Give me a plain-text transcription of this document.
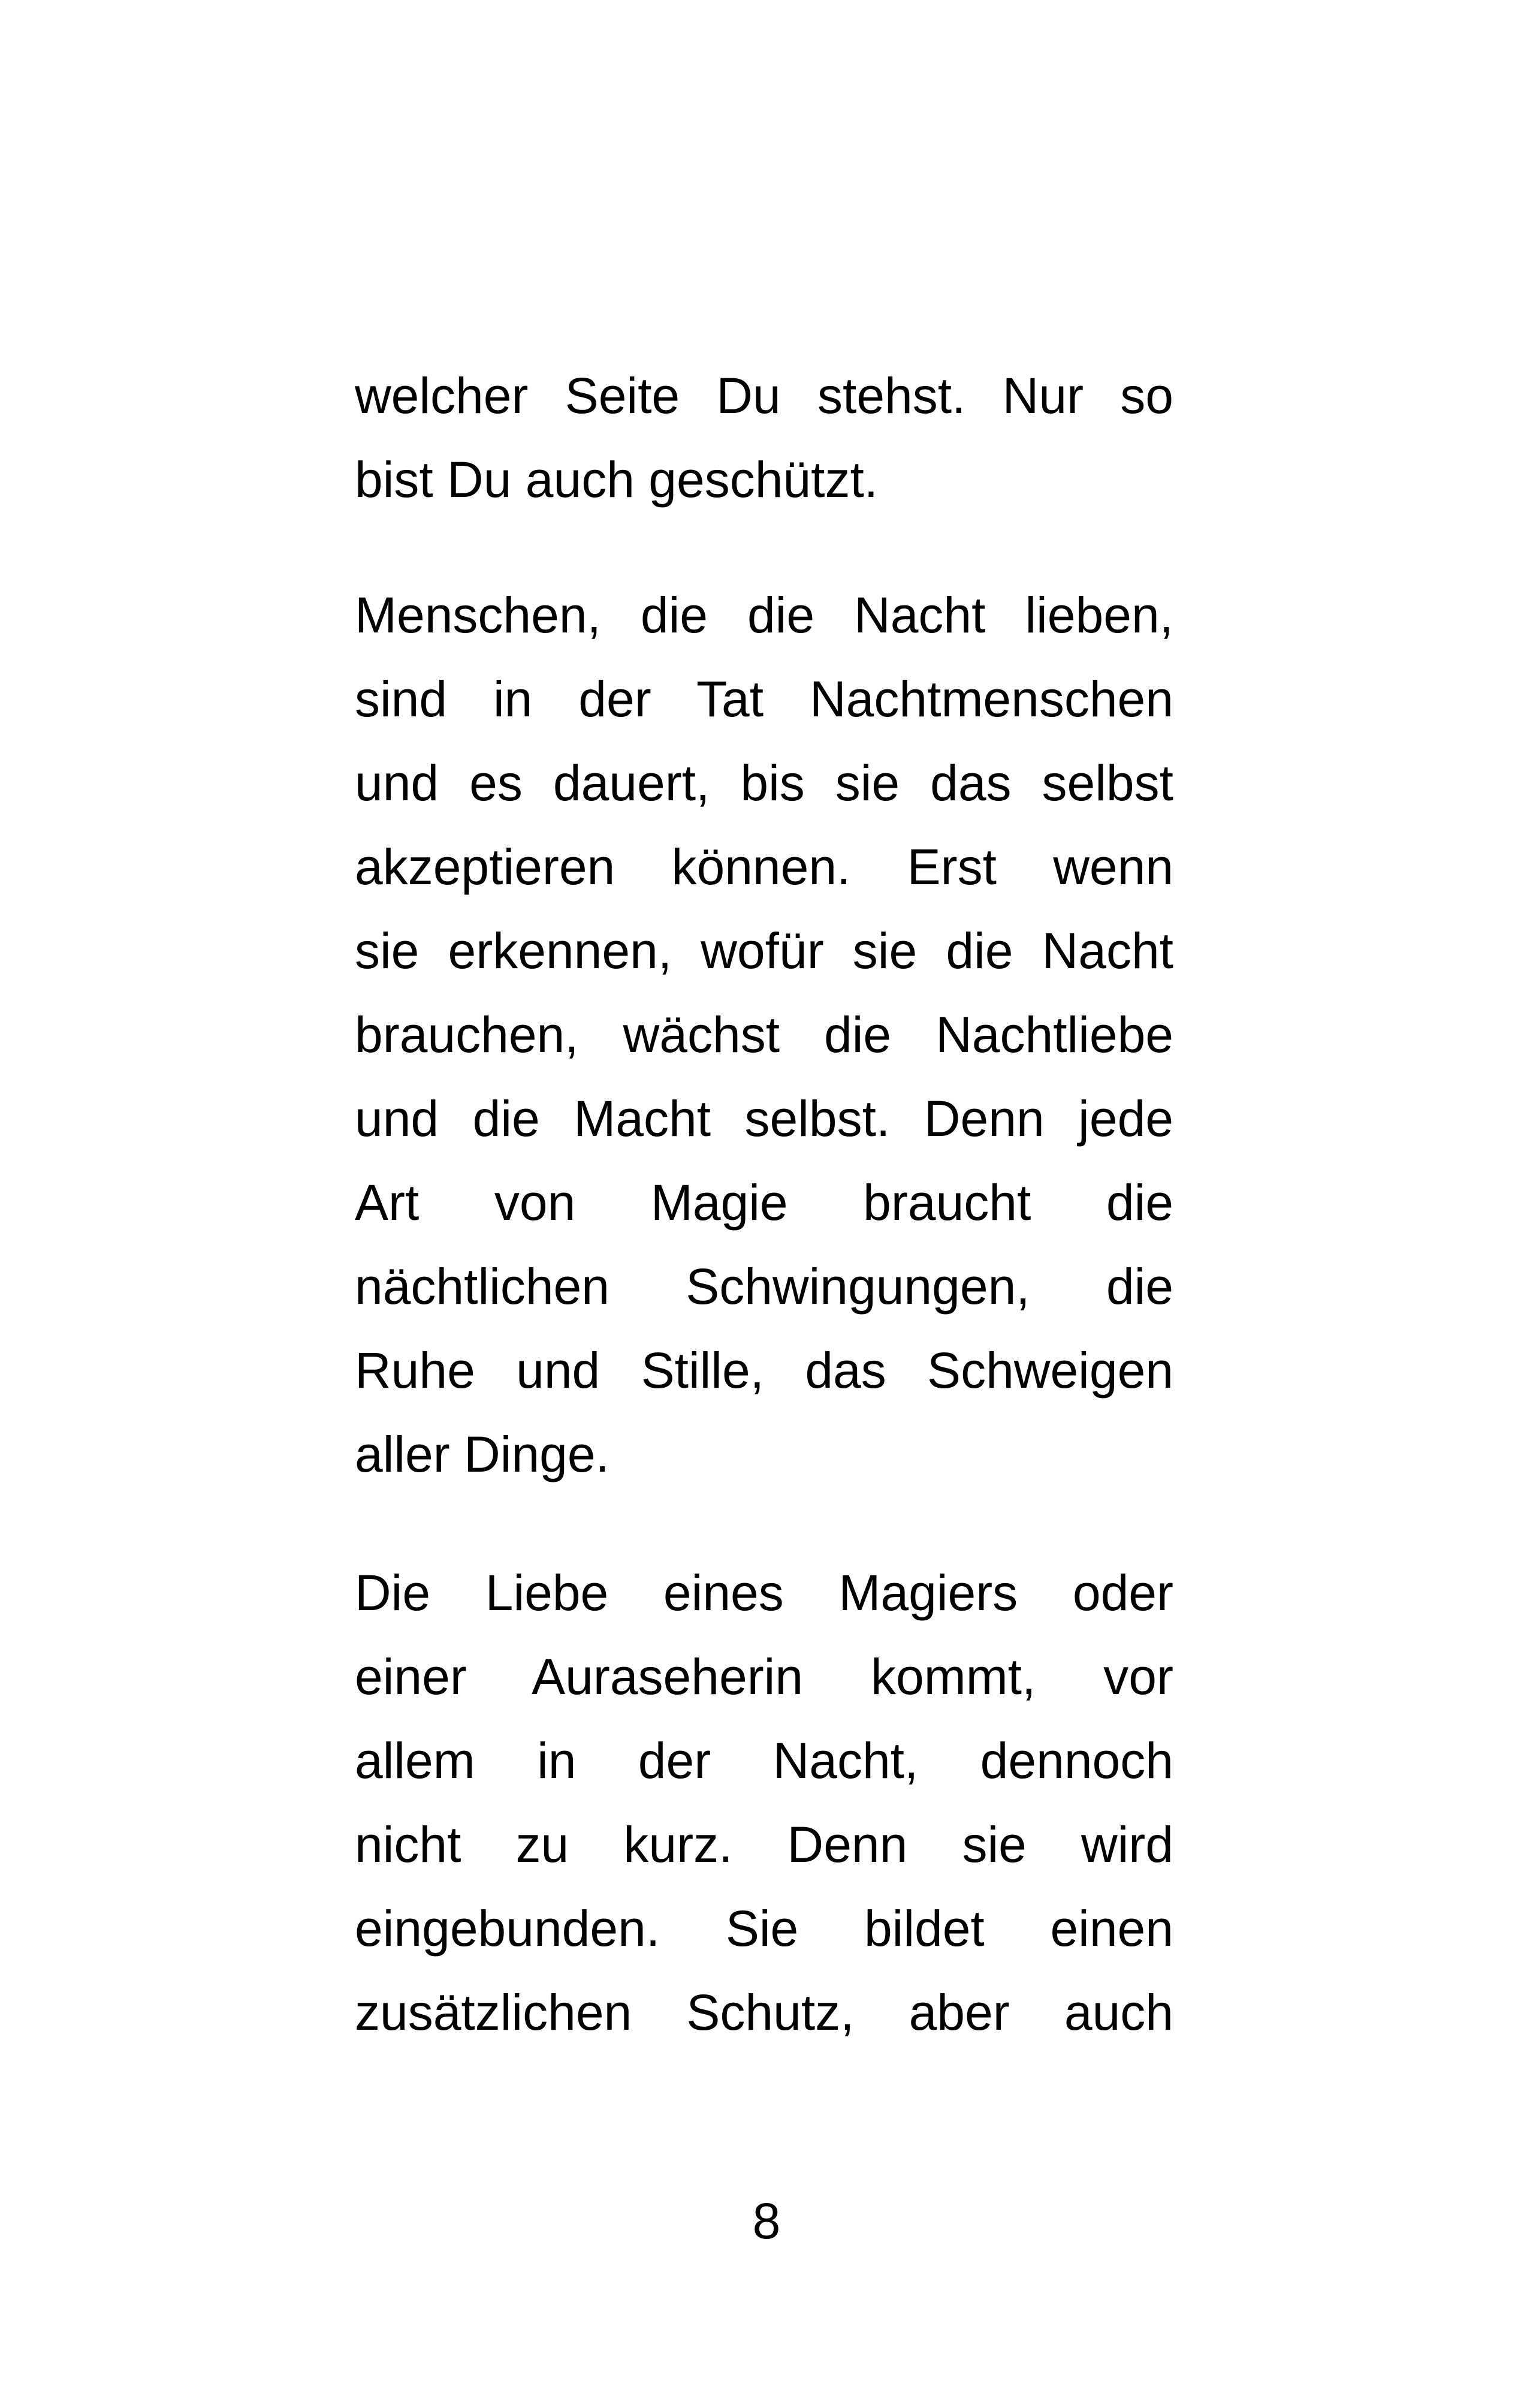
welcher Seite Du stehst. Nur so
bist Du auch geschützt.
Menschen, die die Nacht lieben,
sind in der Tat Nachtmenschen
und es dauert, bis sie das selbst
akzeptieren können. Erst wenn
sie erkennen, wofür sie die Nacht
brauchen, wächst die Nachtliebe
und die Macht selbst. Denn jede
Art von Magie braucht die
nächtlichen Schwingungen, die
Ruhe und Stille, das Schweigen
aller Dinge.
Die Liebe eines Magiers oder
einer Auraseherin kommt, vor
allem in der Nacht, dennoch
nicht zu kurz. Denn sie wird
eingebunden. Sie bildet einen
zusätzlichen Schutz, aber auch
8
